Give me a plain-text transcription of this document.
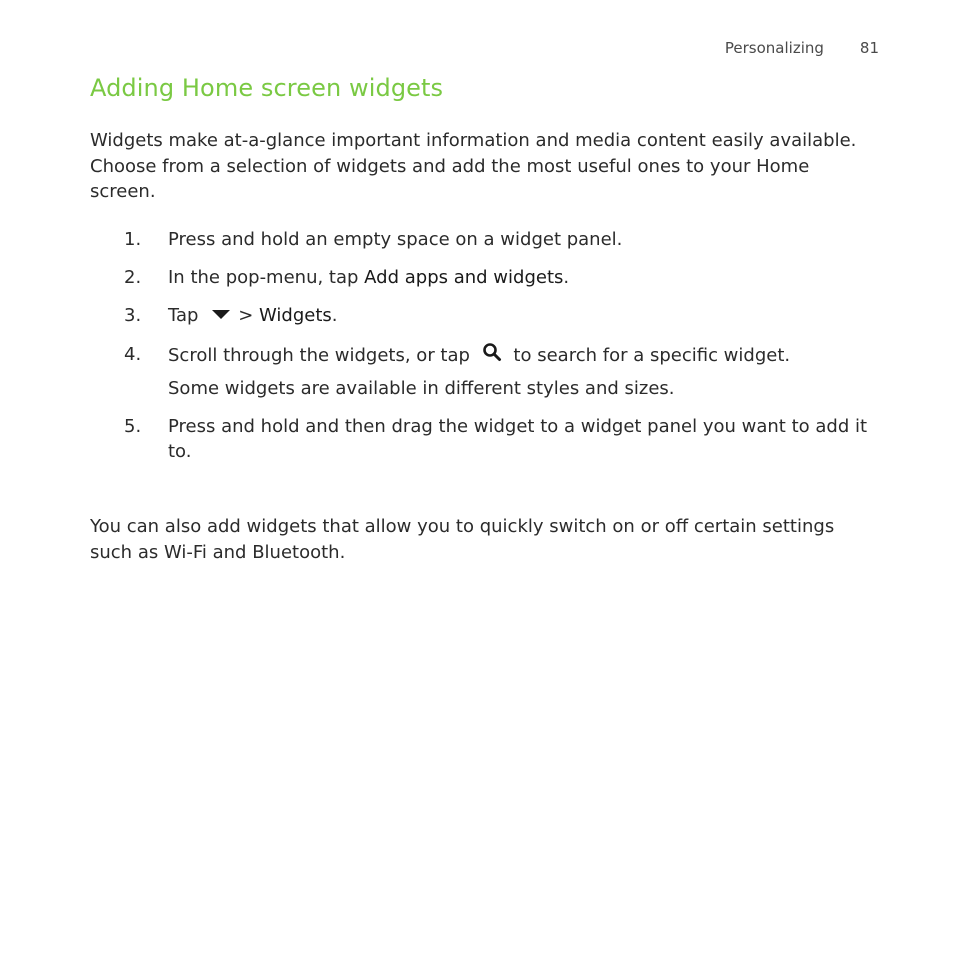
Personalizing 81
Adding Home screen widgets

Widgets make at-a-glance important information and media content easily available. Choose from a selection of widgets and add the most useful ones to your Home screen.

1. Press and hold an empty space on a widget panel.
2. In the pop-menu, tap Add apps and widgets.
3. Tap > Widgets.
4. Scroll through the widgets, or tap to search for a specific widget.
Some widgets are available in different styles and sizes.
5. Press and hold and then drag the widget to a widget panel you want to add it to.

You can also add widgets that allow you to quickly switch on or off certain settings such as Wi-Fi and Bluetooth.
